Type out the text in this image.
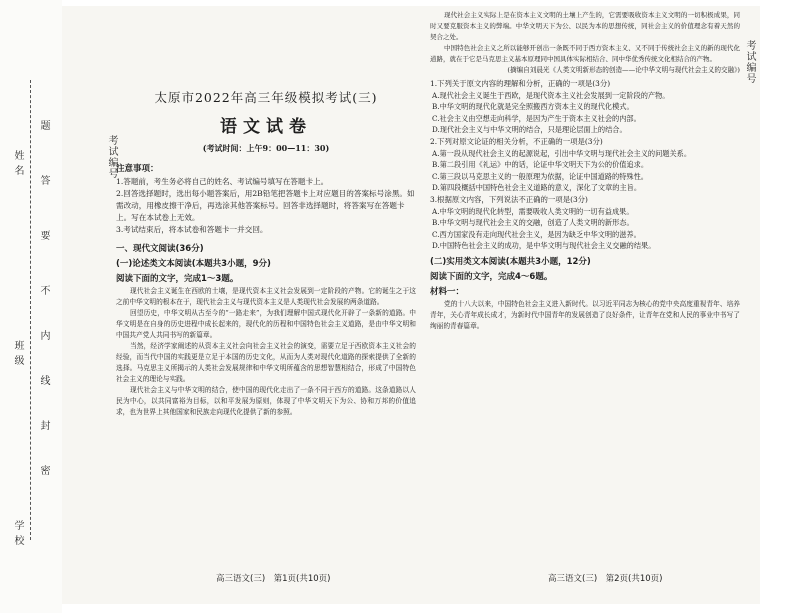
姓 名
班 级
学 校
题
答
要
不
内
线
封
密
考试编号
太原市2022年高三年级模拟考试(三)
语文试卷
(考试时间：上午9：00—11：30)
注意事项：

1.答题前，考生务必将自己的姓名、考试编号填写在答题卡上。

2.回答选择题时，选出每小题答案后，用2B铅笔把答题卡上对应题目的答案标号涂黑。如需改动，用橡皮擦干净后，再选涂其他答案标号。回答非选择题时，将答案写在答题卡上。写在本试卷上无效。

3.考试结束后，将本试卷和答题卡一并交回。

一、现代文阅读(36分)
(一)论述类文本阅读(本题共3小题，9分)
阅读下面的文字，完成1～3题。

现代社会主义诞生在西欧的土壤，是现代资本主义社会发展到一定阶段的产物。它的诞生之于这之前中华文明的根本在于，现代社会主义与现代资本主义是人类现代社会发展的两条道路。

回望历史，中华文明从古至今的“一路走来”，为我们理解中国式现代化开辟了一条新的道路。中华文明是在自身的历史进程中成长起来的，现代化的历程和中国特色社会主义道路，是由中华文明和中国共产党人共同书写的新篇章。

当然，经济学家阐述的从资本主义社会向社会主义社会的演变，需要立足于西欧资本主义社会的经验，而当代中国的实践更是立足于本国的历史文化，从而为人类对现代化道路的探索提供了全新的选择。马克思主义所揭示的人类社会发展规律和中华文明所蕴含的思想智慧相结合，形成了中国特色社会主义的理论与实践。

现代社会主义与中华文明的结合，使中国的现代化走出了一条不同于西方的道路。这条道路以人民为中心，以共同富裕为目标，以和平发展为原则，体现了中华文明天下为公、协和万邦的价值追求，也为世界上其他国家和民族走向现代化提供了新的参照。

高三语文(三)　第1页(共10页)

现代社会主义实际上是在资本主义文明的土壤上产生的，它需要吸收资本主义文明的一切积极成果，同时又要克服资本主义的弊端。中华文明天下为公、以民为本的思想传统，同社会主义的价值理念有着天然的契合之处。

中国特色社会主义之所以能够开创出一条既不同于西方资本主义、又不同于传统社会主义的新的现代化道路，就在于它是马克思主义基本原理同中国具体实际相结合、同中华优秀传统文化相结合的产物。

(摘编自刘晨光《人类文明新形态的创造——论中华文明与现代社会主义的交融》)

1.下列关于原文内容的理解和分析，正确的一项是(3分)

A.现代社会主义诞生于西欧，是现代资本主义社会发展到一定阶段的产物。

B.中华文明的现代化就是完全照搬西方资本主义的现代化模式。

C.社会主义由空想走向科学，是因为产生于资本主义社会的内部。

D.现代社会主义与中华文明的结合，只是理论层面上的结合。

2.下列对原文论证的相关分析，不正确的一项是(3分)

A.第一段从现代社会主义的起源说起，引出中华文明与现代社会主义的问题关系。

B.第二段引用《礼运》中的话，论证中华文明天下为公的价值追求。

C.第三段以马克思主义的一般原理为依据，论证中国道路的特殊性。

D.第四段概括中国特色社会主义道路的意义，深化了文章的主旨。

3.根据原文内容，下列说法不正确的一项是(3分)

A.中华文明的现代化转型，需要吸收人类文明的一切有益成果。

B.中华文明与现代社会主义的交融，创造了人类文明的新形态。

C.西方国家没有走向现代社会主义，是因为缺乏中华文明的滋养。

D.中国特色社会主义的成功，是中华文明与现代社会主义交融的结果。

(二)实用类文本阅读(本题共3小题，12分)
阅读下面的文字，完成4～6题。
材料一：

党的十八大以来，中国特色社会主义进入新时代。以习近平同志为核心的党中央高度重视青年、培养青年，关心青年成长成才，为新时代中国青年的发展创造了良好条件，让青年在党和人民的事业中书写了绚丽的青春篇章。

高三语文(三)　第2页(共10页)
考试编号
